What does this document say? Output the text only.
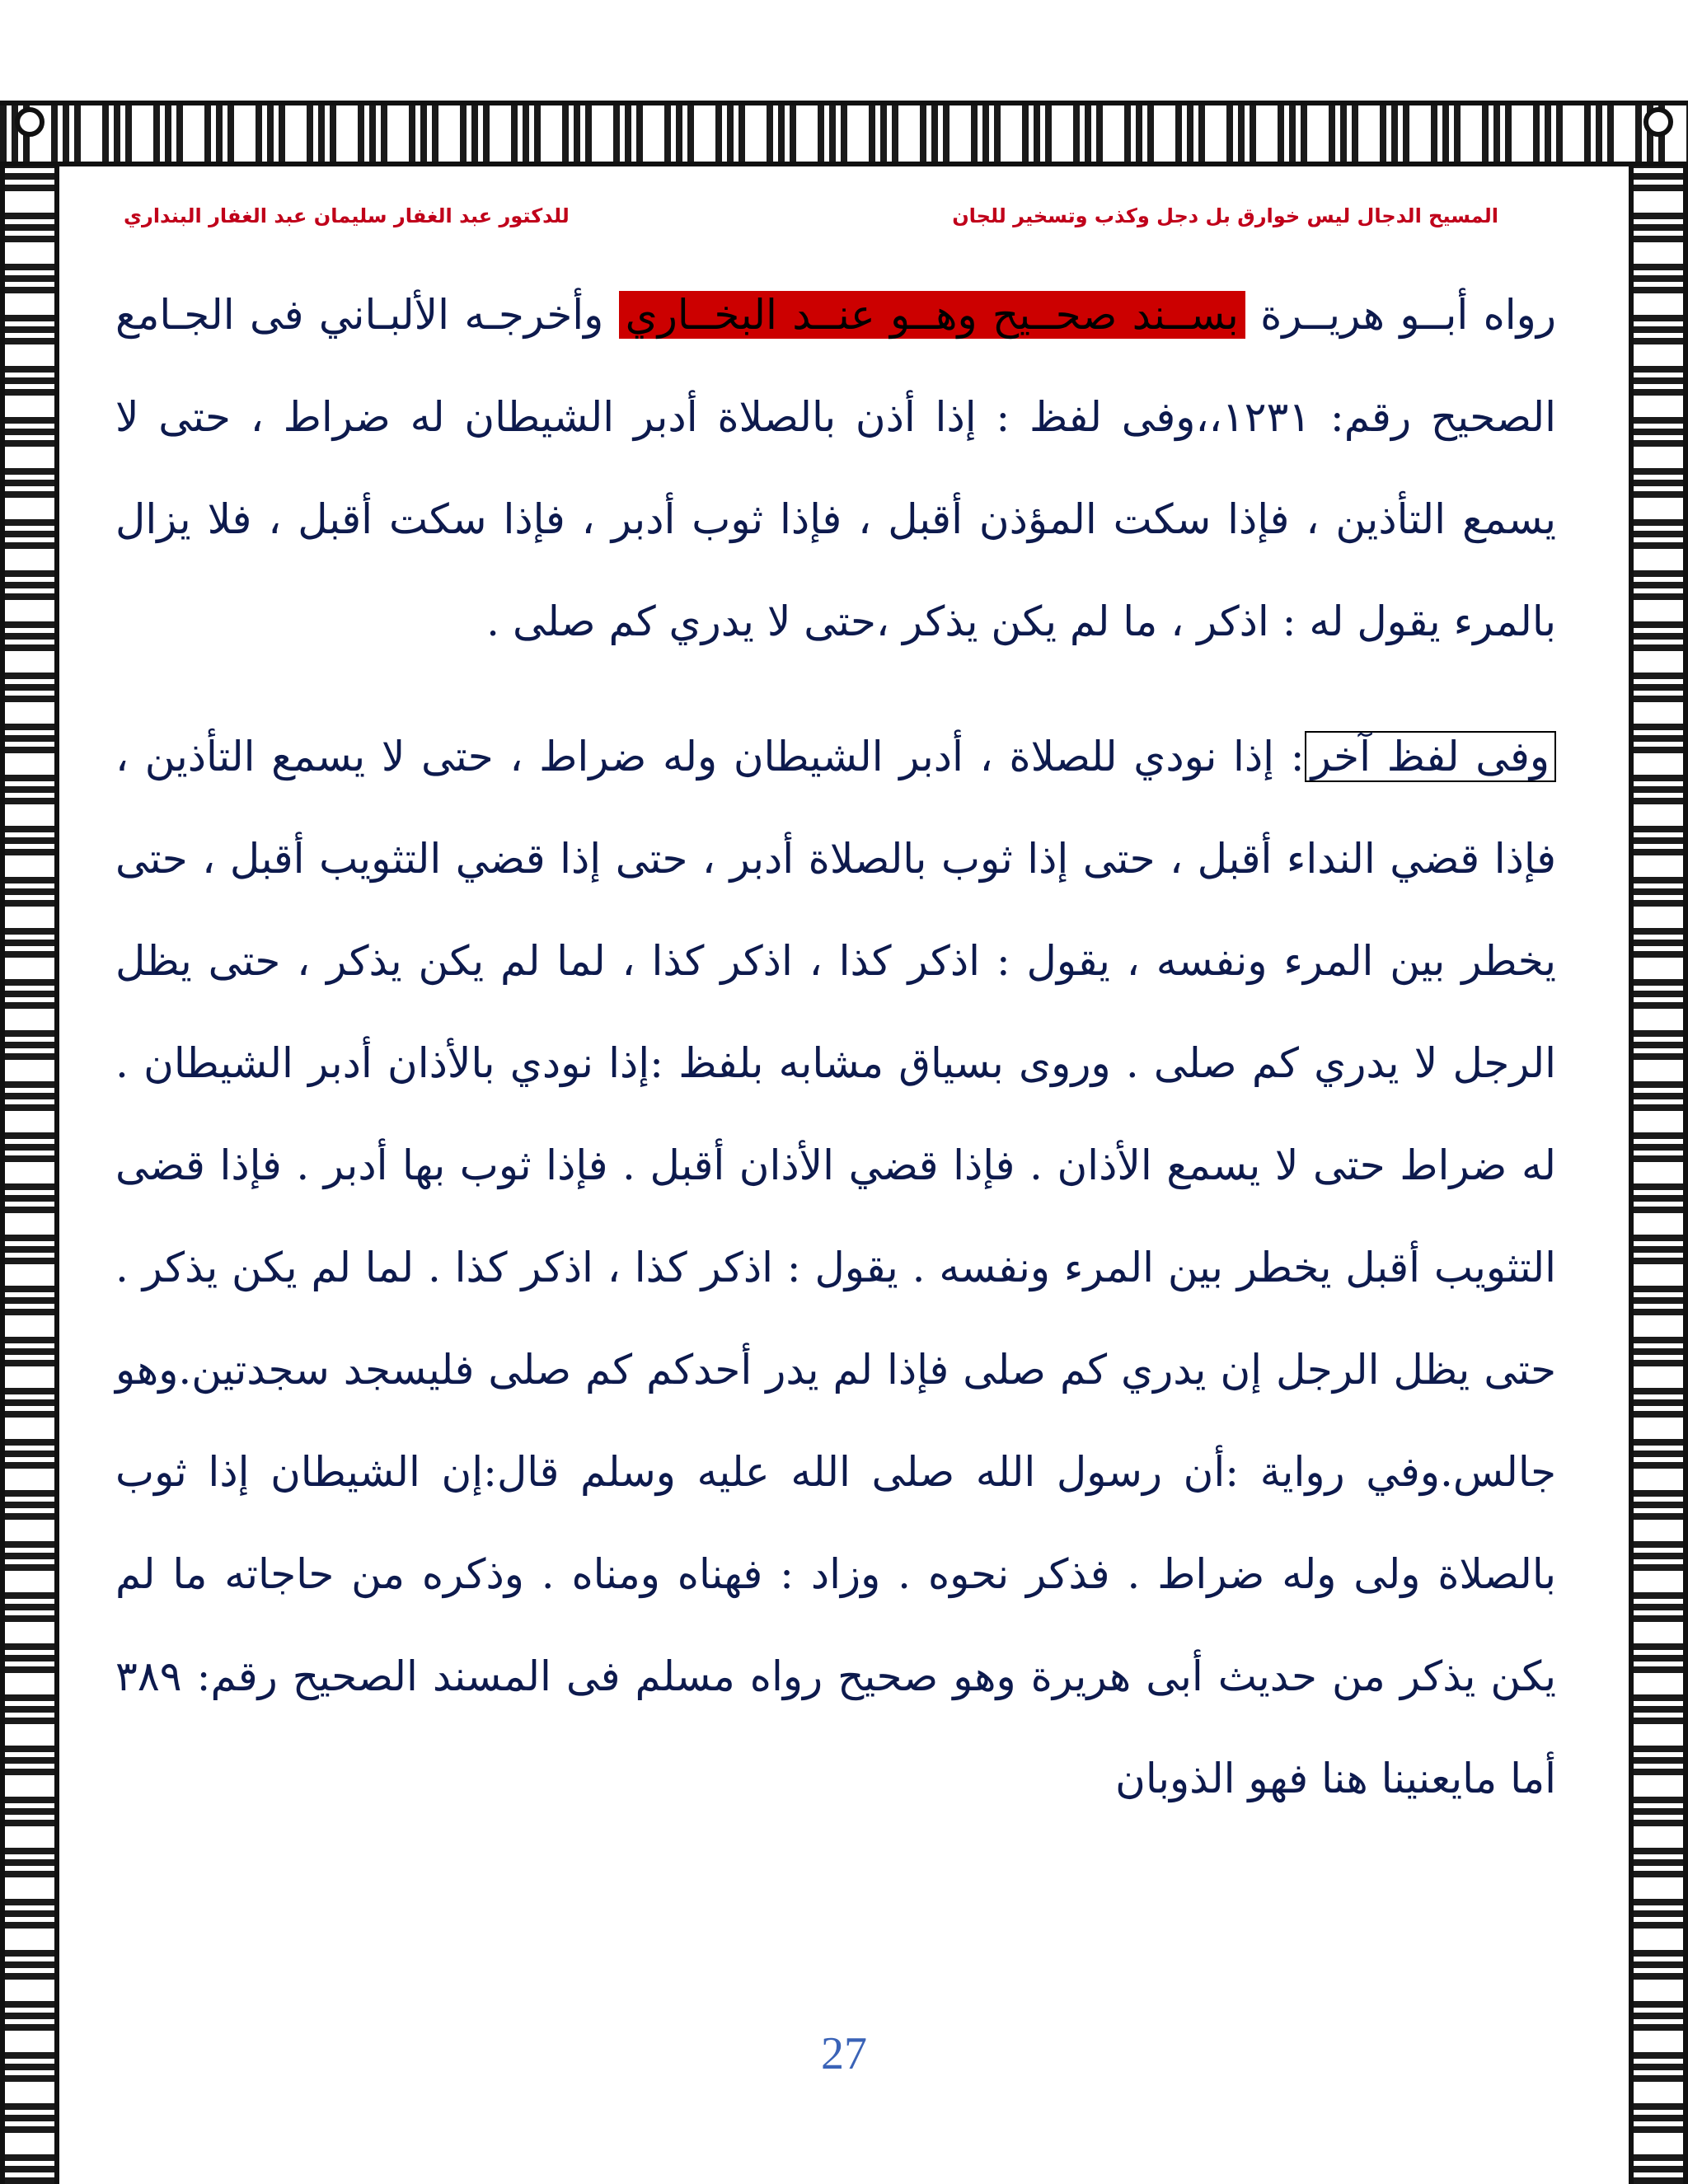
المسيح الدجال ليس خوارق بل دجل وكذب وتسخير للجان
للدكتور عبد الغفار سليمان عبد الغفار البنداري

رواه أبــو هريــرة بســند صحــيح وهــو عنــد البخــاري وأخرجـه الألبـاني فى الجـامع الصحيح رقم: ١٢٣١،،وفى لفظ : إذا أذن بالصلاة أدبر الشيطان له ضراط ، حتى لا يسمع التأذين ، فإذا سكت المؤذن أقبل ، فإذا ثوب أدبر ، فإذا سكت أقبل ، فلا يزال بالمرء يقول له : اذكر ، ما لم يكن يذكر ،حتى لا يدري كم صلى .

وفى لفظ آخر: إذا نودي للصلاة ، أدبر الشيطان وله ضراط ، حتى لا يسمع التأذين ، فإذا قضي النداء أقبل ، حتى إذا ثوب بالصلاة أدبر ، حتى إذا قضي التثويب أقبل ، حتى يخطر بين المرء ونفسه ، يقول : اذكر كذا ، اذكر كذا ، لما لم يكن يذكر ، حتى يظل الرجل لا يدري كم صلى . وروى بسياق مشابه بلفظ :إذا نودي بالأذان أدبر الشيطان . له ضراط حتى لا يسمع الأذان . فإذا قضي الأذان أقبل . فإذا ثوب بها أدبر . فإذا قضى التثويب أقبل يخطر بين المرء ونفسه . يقول : اذكر كذا ، اذكر كذا . لما لم يكن يذكر . حتى يظل الرجل إن يدري كم صلى فإذا لم يدر أحدكم كم صلى فليسجد سجدتين.وهو جالس.وفي رواية :أن رسول الله صلى الله عليه وسلم قال:إن الشيطان إذا ثوب بالصلاة ولى وله ضراط . فذكر نحوه . وزاد : فهناه ومناه . وذكره من حاجاته ما لم يكن يذكر من حديث أبى هريرة وهو صحيح رواه مسلم فى المسند الصحيح رقم: ٣٨٩ أما مايعنينا هنا فهو الذوبان

27
